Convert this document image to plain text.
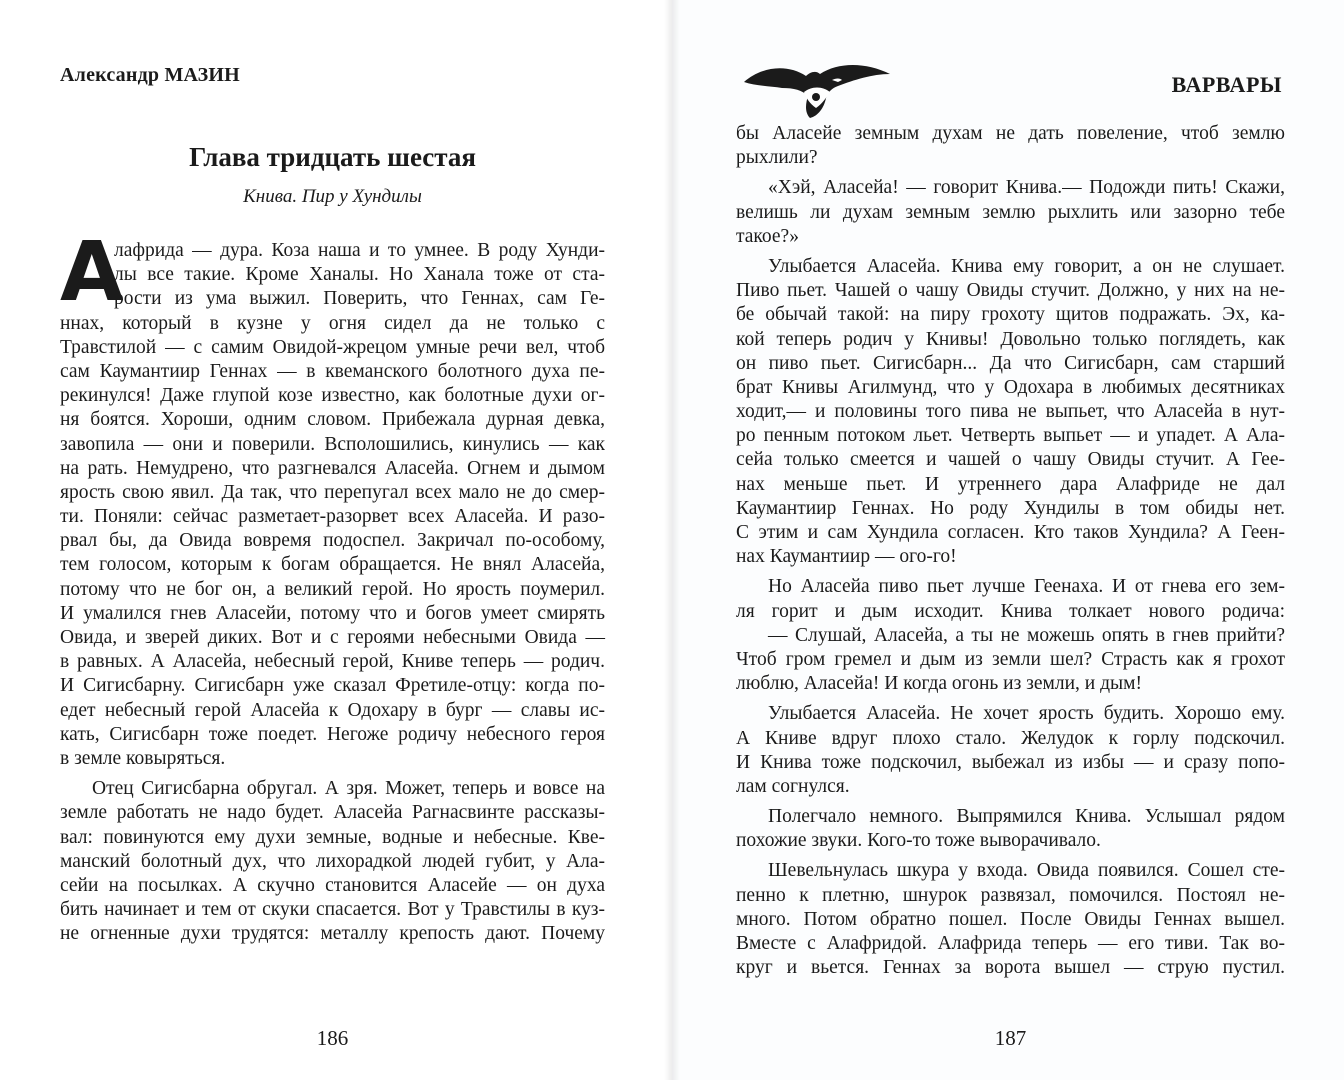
Александр МАЗИН
Глава тридцать шестая
Книва. Пир у Хундилы
А
лафрида — дура. Коза наша и то умнее. В роду Хунди-
лы все такие. Кроме Ханалы. Но Ханала тоже от ста-
рости из ума выжил. Поверить, что Геннах, сам Ге-
ннах, который в кузне у огня сидел да не только с
Травстилой — с самим Овидой-жрецом умные речи вел, чтоб
сам Каумантиир Геннах — в квеманского болотного духа пе-
рекинулся! Даже глупой козе известно, как болотные духи ог-
ня боятся. Хороши, одним словом. Прибежала дурная девка,
завопила — они и поверили. Всполошились, кинулись — как
на рать. Немудрено, что разгневался Аласейа. Огнем и дымом
ярость свою явил. Да так, что перепугал всех мало не до смер-
ти. Поняли: сейчас разметает-разорвет всех Аласейа. И разо-
рвал бы, да Овида вовремя подоспел. Закричал по-особому,
тем голосом, которым к богам обращается. Не внял Аласейа,
потому что не бог он, а великий герой. Но ярость поумерил.
И умалился гнев Аласейи, потому что и богов умеет смирять
Овида, и зверей диких. Вот и с героями небесными Овида —
в равных. А Аласейа, небесный герой, Книве теперь — родич.
И Сигисбарну. Сигисбарн уже сказал Фретиле-отцу: когда по-
едет небесный герой Аласейа к Одохару в бург — славы ис-
кать, Сигисбарн тоже поедет. Негоже родичу небесного героя
в земле ковыряться.
Отец Сигисбарна обругал. А зря. Может, теперь и вовсе на
земле работать не надо будет. Аласейа Рагнасвинте рассказы-
вал: повинуются ему духи земные, водные и небесные. Кве-
манский болотный дух, что лихорадкой людей губит, у Ала-
сейи на посылках. А скучно становится Аласейе — он духа
бить начинает и тем от скуки спасается. Вот у Травстилы в куз-
не огненные духи трудятся: металлу крепость дают. Почему
186
ВАРВАРЫ
бы Аласейе земным духам не дать повеление, чтоб землю
рыхлили?
«Хэй, Аласейа! — говорит Книва.— Подожди пить! Скажи,
велишь ли духам земным землю рыхлить или зазорно тебе
такое?»
Улыбается Аласейа. Книва ему говорит, а он не слушает.
Пиво пьет. Чашей о чашу Овиды стучит. Должно, у них на не-
бе обычай такой: на пиру грохоту щитов подражать. Эх, ка-
кой теперь родич у Книвы! Довольно только поглядеть, как
он пиво пьет. Сигисбарн... Да что Сигисбарн, сам старший
брат Книвы Агилмунд, что у Одохара в любимых десятниках
ходит,— и половины того пива не выпьет, что Аласейа в нут-
ро пенным потоком льет. Четверть выпьет — и упадет. А Ала-
сейа только смеется и чашей о чашу Овиды стучит. А Гее-
нах меньше пьет. И утреннего дара Алафриде не дал
Каумантиир Геннах. Но роду Хундилы в том обиды нет.
С этим и сам Хундила согласен. Кто таков Хундила? А Геен-
нах Каумантиир — ого-го!
Но Аласейа пиво пьет лучше Геенаха. И от гнева его зем-
ля горит и дым исходит. Книва толкает нового родича:
— Слушай, Аласейа, а ты не можешь опять в гнев прийти?
Чтоб гром гремел и дым из земли шел? Страсть как я грохот
люблю, Аласейа! И когда огонь из земли, и дым!
Улыбается Аласейа. Не хочет ярость будить. Хорошо ему.
А Книве вдруг плохо стало. Желудок к горлу подскочил.
И Книва тоже подскочил, выбежал из избы — и сразу попо-
лам согнулся.
Полегчало немного. Выпрямился Книва. Услышал рядом
похожие звуки. Кого-то тоже выворачивало.
Шевельнулась шкура у входа. Овида появился. Сошел сте-
пенно к плетню, шнурок развязал, помочился. Постоял не-
много. Потом обратно пошел. После Овиды Геннах вышел.
Вместе с Алафридой. Алафрида теперь — его тиви. Так во-
круг и вьется. Геннах за ворота вышел — струю пустил.
187
